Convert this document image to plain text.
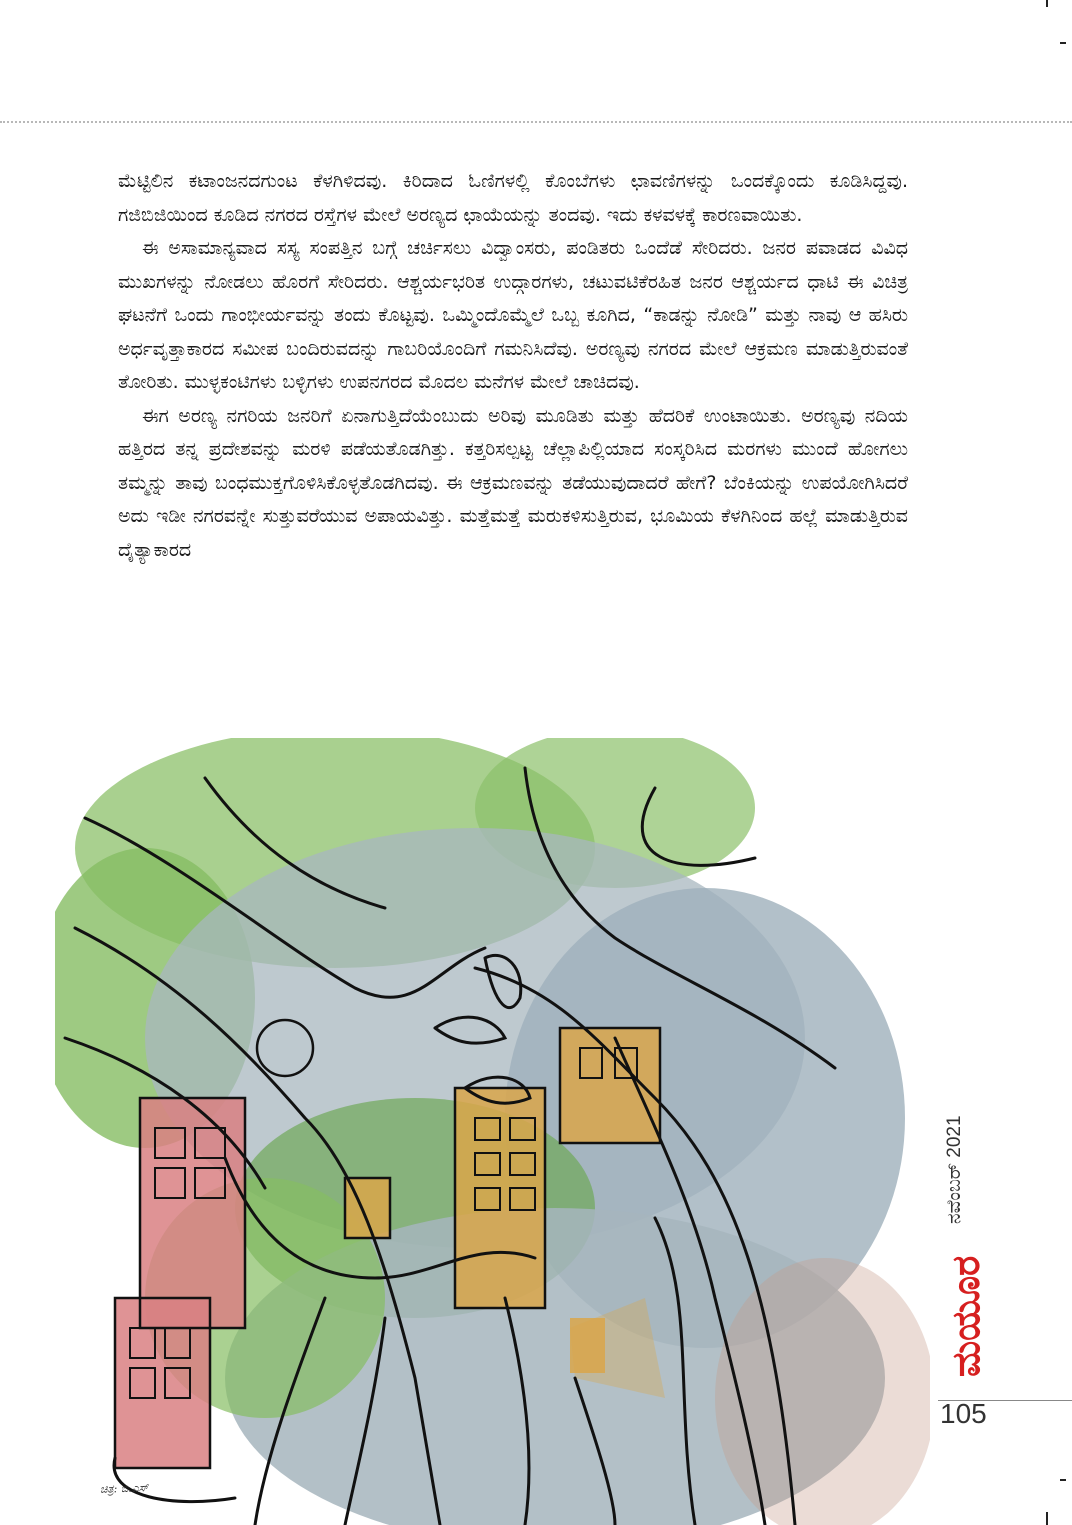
ಮೆಟ್ಟಿಲಿನ ಕಟಾಂಜನದಗುಂಟ ಕೆಳಗಿಳಿದವು. ಕಿರಿದಾದ ಓಣಿಗಳಲ್ಲಿ ಕೊಂಬೆಗಳು ಛಾವಣಿಗಳನ್ನು ಒಂದಕ್ಕೊಂದು ಕೂಡಿಸಿದ್ದವು. ಗಜಿಬಿಜಿಯಿಂದ ಕೂಡಿದ ನಗರದ ರಸ್ತೆಗಳ ಮೇಲೆ ಅರಣ್ಯದ ಛಾಯೆಯನ್ನು ತಂದವು. ಇದು ಕಳವಳಕ್ಕೆ ಕಾರಣವಾಯಿತು.

ಈ ಅಸಾಮಾನ್ಯವಾದ ಸಸ್ಯ ಸಂಪತ್ತಿನ ಬಗ್ಗೆ ಚರ್ಚಿಸಲು ವಿದ್ವಾಂಸರು, ಪಂಡಿತರು ಒಂದೆಡೆ ಸೇರಿದರು. ಜನರ ಪವಾಡದ ವಿವಿಧ ಮುಖಗಳನ್ನು ನೋಡಲು ಹೊರಗೆ ಸೇರಿದರು. ಆಶ್ಚರ್ಯಭರಿತ ಉದ್ಗಾರಗಳು, ಚಟುವಟಿಕೆರಹಿತ ಜನರ ಆಶ್ಚರ್ಯದ ಧಾಟಿ ಈ ವಿಚಿತ್ರ ಘಟನೆಗೆ ಒಂದು ಗಾಂಭೀರ್ಯವನ್ನು ತಂದು ಕೊಟ್ಟವು. ಒಮ್ಮಿಂದೊಮ್ಮೆಲೆ ಒಬ್ಬ ಕೂಗಿದ, “ಕಾಡನ್ನು ನೋಡಿ” ಮತ್ತು ನಾವು ಆ ಹಸಿರು ಅರ್ಧವೃತ್ತಾಕಾರದ ಸಮೀಪ ಬಂದಿರುವದನ್ನು ಗಾಬರಿಯೊಂದಿಗೆ ಗಮನಿಸಿದೆವು. ಅರಣ್ಯವು ನಗರದ ಮೇಲೆ ಆಕ್ರಮಣ ಮಾಡುತ್ತಿರುವಂತೆ ತೋರಿತು. ಮುಳ್ಳಕಂಟಿಗಳು ಬಳ್ಳಿಗಳು ಉಪನಗರದ ಮೊದಲ ಮನೆಗಳ ಮೇಲೆ ಚಾಚಿದವು.

ಈಗ ಅರಣ್ಯ ನಗರಿಯ ಜನರಿಗೆ ಏನಾಗುತ್ತಿದೆಯೆಂಬುದು ಅರಿವು ಮೂಡಿತು ಮತ್ತು ಹೆದರಿಕೆ ಉಂಟಾಯಿತು. ಅರಣ್ಯವು ನದಿಯ ಹತ್ತಿರದ ತನ್ನ ಪ್ರದೇಶವನ್ನು ಮರಳಿ ಪಡೆಯತೊಡಗಿತ್ತು. ಕತ್ತರಿಸಲ್ಪಟ್ಟ ಚೆಲ್ಲಾಪಿಲ್ಲಿಯಾದ ಸಂಸ್ಕರಿಸಿದ ಮರಗಳು ಮುಂದೆ ಹೋಗಲು ತಮ್ಮನ್ನು ತಾವು ಬಂಧಮುಕ್ತಗೊಳಿಸಿಕೊಳ್ಳತೊಡಗಿದವು. ಈ ಆಕ್ರಮಣವನ್ನು ತಡೆಯುವುದಾದರೆ ಹೇಗೆ? ಬೆಂಕಿಯನ್ನು ಉಪಯೋಗಿಸಿದರೆ ಅದು ಇಡೀ ನಗರವನ್ನೇ ಸುತ್ತುವರೆಯುವ ಅಪಾಯವಿತ್ತು. ಮತ್ತೆಮತ್ತೆ ಮರುಕಳಿಸುತ್ತಿರುವ, ಭೂಮಿಯ ಕೆಳಗಿನಿಂದ ಹಲ್ಲೆ ಮಾಡುತ್ತಿರುವ ದೈತ್ಯಾಕಾರದ

ಚಿತ್ರ: ಬಿ.ಎಸ್
ನವೆಂಬರ್ 2021
ಮಯೂರ
105
